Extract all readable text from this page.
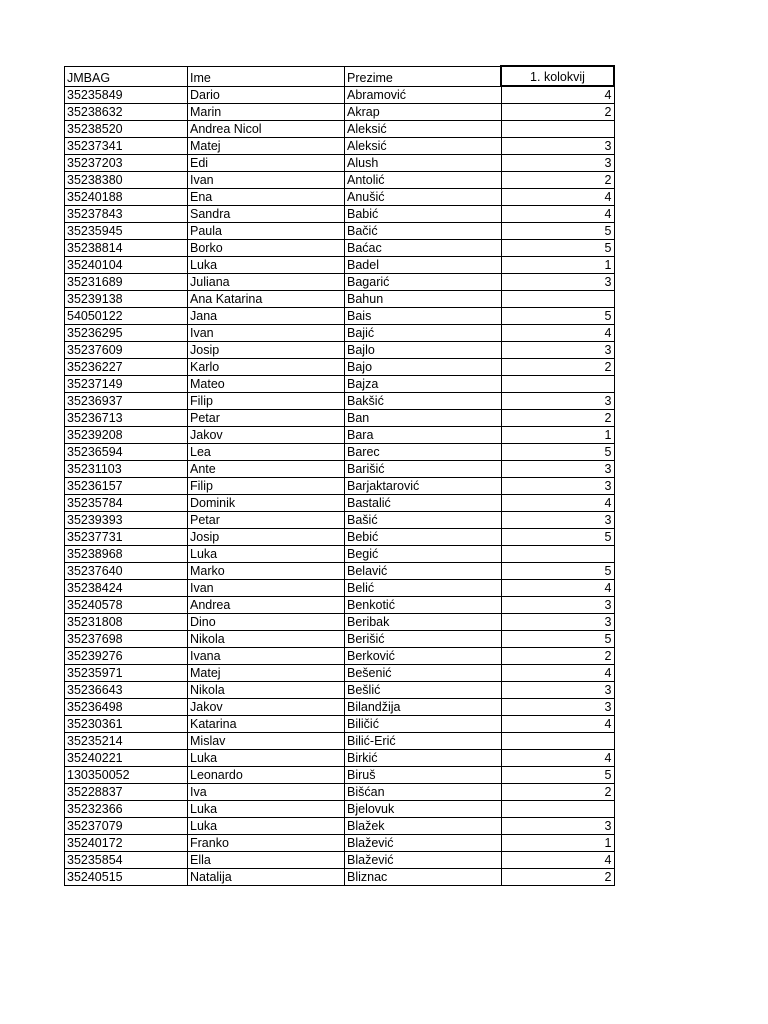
JMBAG	Ime	Prezime	1. kolokvij
35235849	Dario	Abramović	4
35238632	Marin	Akrap	2
35238520	Andrea Nicol	Aleksić	
35237341	Matej	Aleksić	3
35237203	Edi	Alush	3
35238380	Ivan	Antolić	2
35240188	Ena	Anušić	4
35237843	Sandra	Babić	4
35235945	Paula	Bačić	5
35238814	Borko	Baćac	5
35240104	Luka	Badel	1
35231689	Juliana	Bagarić	3
35239138	Ana Katarina	Bahun	
54050122	Jana	Bais	5
35236295	Ivan	Bajić	4
35237609	Josip	Bajlo	3
35236227	Karlo	Bajo	2
35237149	Mateo	Bajza	
35236937	Filip	Bakšić	3
35236713	Petar	Ban	2
35239208	Jakov	Bara	1
35236594	Lea	Barec	5
35231103	Ante	Barišić	3
35236157	Filip	Barjaktarović	3
35235784	Dominik	Bastalić	4
35239393	Petar	Bašić	3
35237731	Josip	Bebić	5
35238968	Luka	Begić	
35237640	Marko	Belavić	5
35238424	Ivan	Belić	4
35240578	Andrea	Benkotić	3
35231808	Dino	Beribak	3
35237698	Nikola	Berišić	5
35239276	Ivana	Berković	2
35235971	Matej	Bešenić	4
35236643	Nikola	Bešlić	3
35236498	Jakov	Bilandžija	3
35230361	Katarina	Biličić	4
35235214	Mislav	Bilić-Erić	
35240221	Luka	Birkić	4
130350052	Leonardo	Biruš	5
35228837	Iva	Bišćan	2
35232366	Luka	Bjelovuk	
35237079	Luka	Blažek	3
35240172	Franko	Blažević	1
35235854	Ella	Blažević	4
35240515	Natalija	Bliznac	2
